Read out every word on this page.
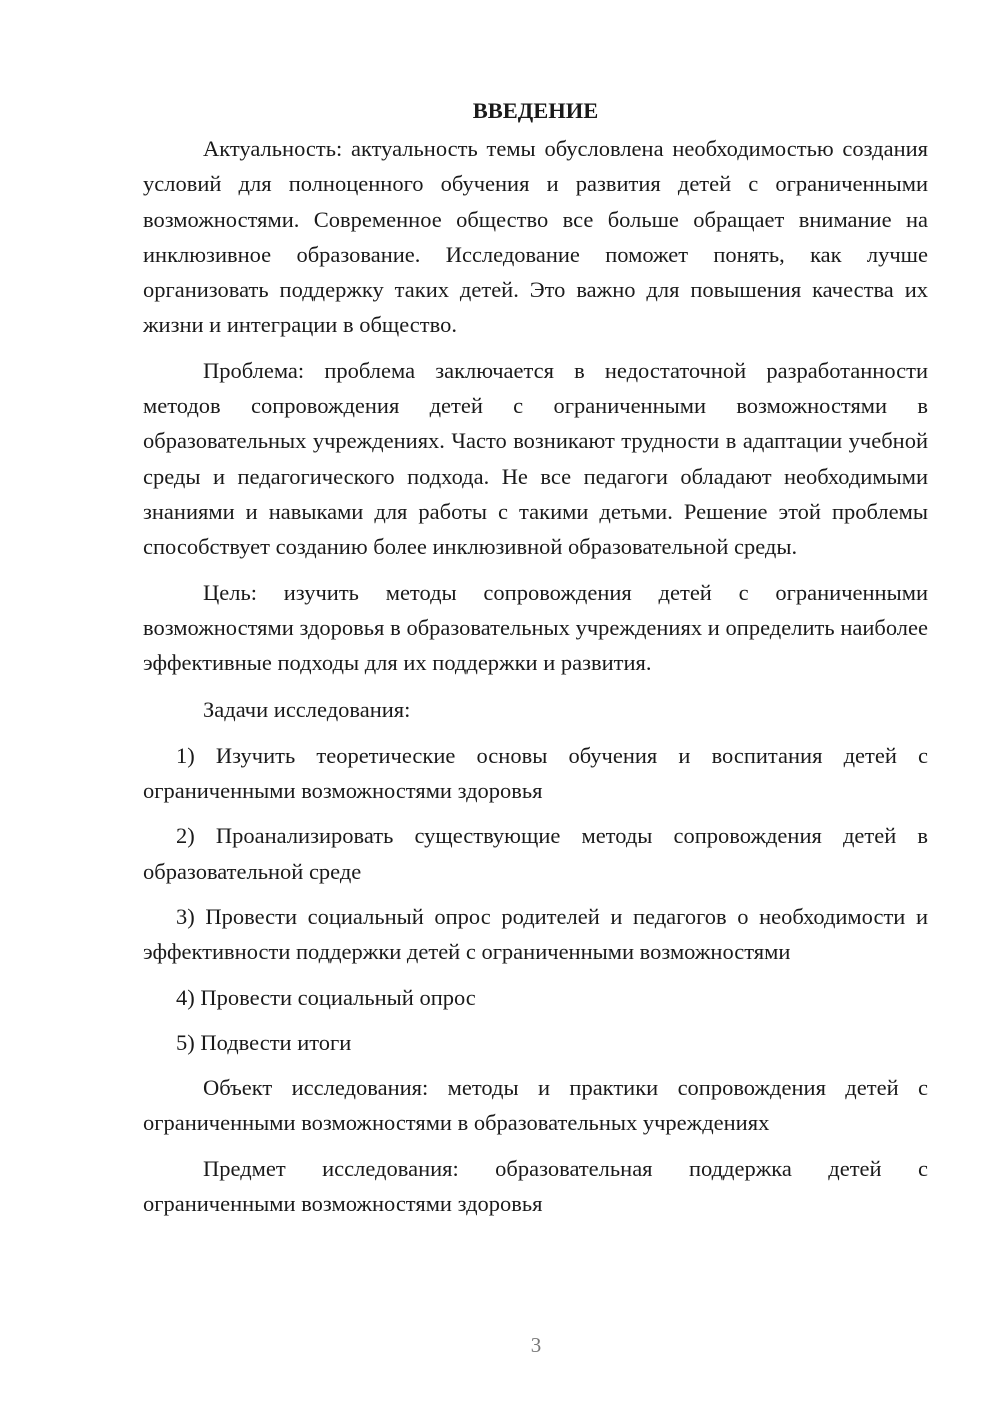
ВВЕДЕНИЕ

Актуальность: актуальность темы обусловлена необходимостью создания условий для полноценного обучения и развития детей с ограниченными возможностями. Современное общество все больше обращает внимание на инклюзивное образование. Исследование поможет понять, как лучше организовать поддержку таких детей. Это важно для повышения качества их жизни и интеграции в общество.

Проблема: проблема заключается в недостаточной разработанности методов сопровождения детей с ограниченными возможностями в образовательных учреждениях. Часто возникают трудности в адаптации учебной среды и педагогического подхода. Не все педагоги обладают необходимыми знаниями и навыками для работы с такими детьми. Решение этой проблемы способствует созданию более инклюзивной образовательной среды.

Цель: изучить методы сопровождения детей с ограниченными возможностями здоровья в образовательных учреждениях и определить наиболее эффективные подходы для их поддержки и развития.

Задачи исследования:

1) Изучить теоретические основы обучения и воспитания детей с ограниченными возможностями здоровья

2) Проанализировать существующие методы сопровождения детей в образовательной среде

3) Провести социальный опрос родителей и педагогов о необходимости и эффективности поддержки детей с ограниченными возможностями

4) Провести социальный опрос

5) Подвести итоги

Объект исследования: методы и практики сопровождения детей с ограниченными возможностями в образовательных учреждениях

Предмет исследования: образовательная поддержка детей с ограниченными возможностями здоровья

3
